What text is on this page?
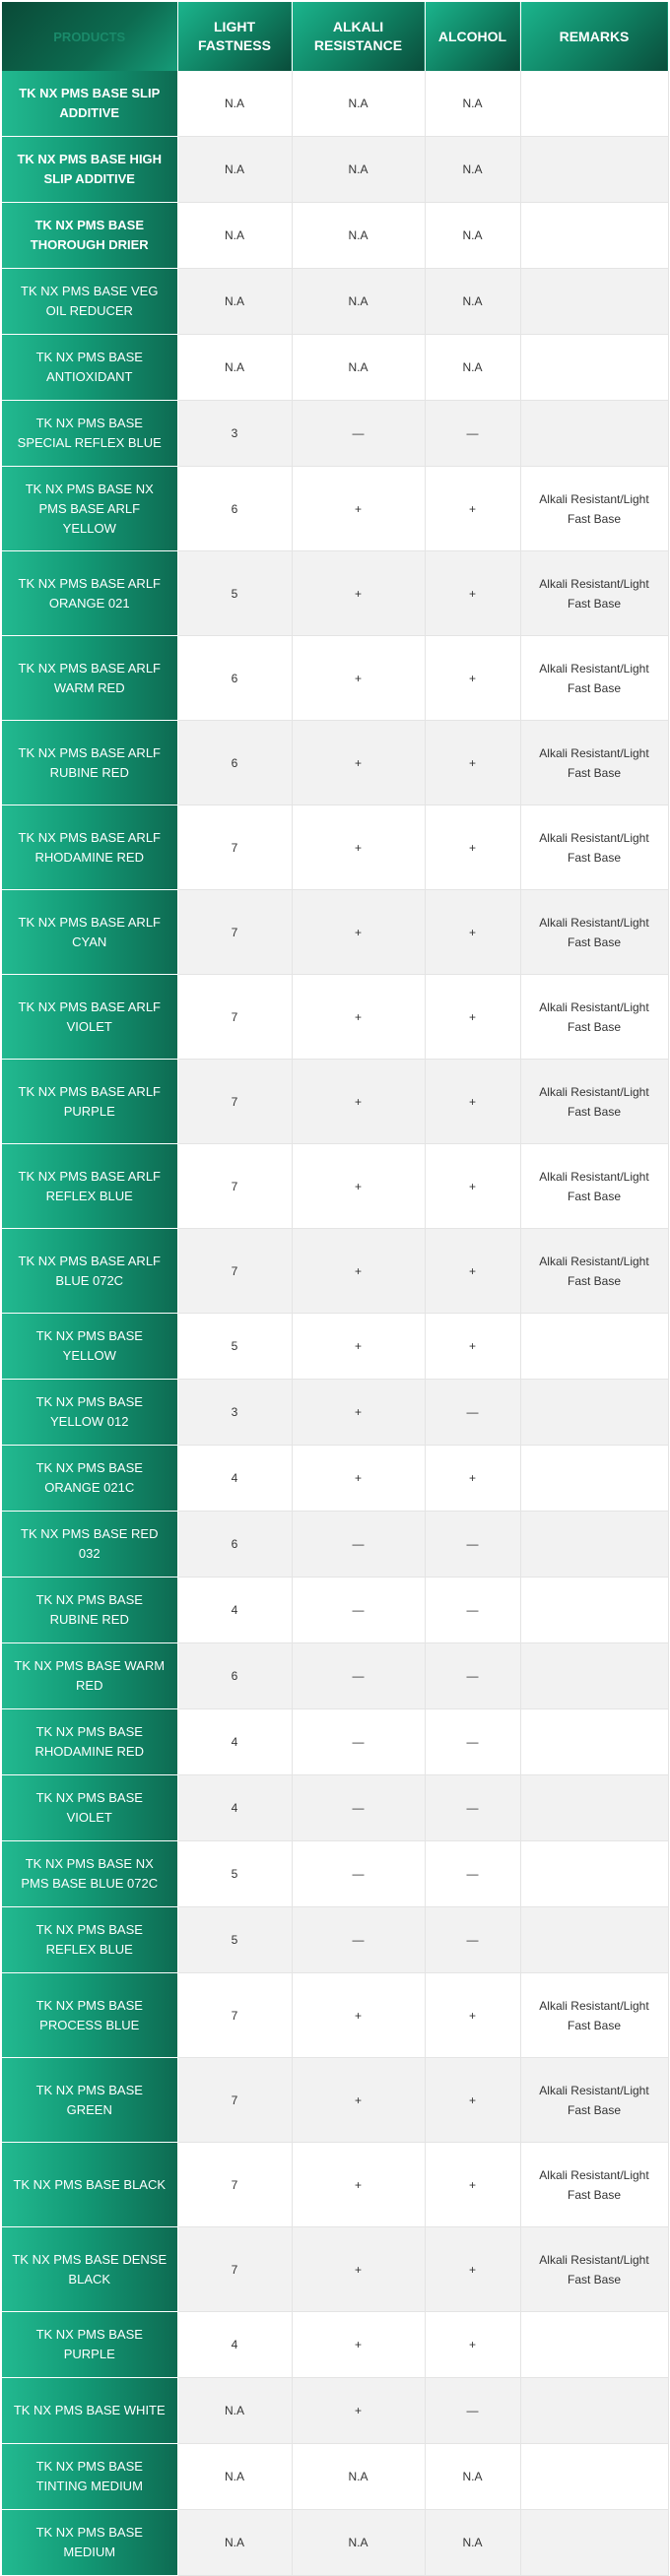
PRODUCTS	LIGHT FASTNESS	ALKALI RESISTANCE	ALCOHOL	REMARKS
TK NX PMS BASE SLIP ADDITIVE	N.A	N.A	N.A	
TK NX PMS BASE HIGH SLIP ADDITIVE	N.A	N.A	N.A	
TK NX PMS BASE THOROUGH DRIER	N.A	N.A	N.A	
TK NX PMS BASE VEG OIL REDUCER	N.A	N.A	N.A	
TK NX PMS BASE ANTIOXIDANT	N.A	N.A	N.A	
TK NX PMS BASE SPECIAL REFLEX BLUE	3	—	—	
TK NX PMS BASE NX PMS BASE ARLF YELLOW	6	+	+	Alkali Resistant/Light Fast Base
TK NX PMS BASE ARLF ORANGE 021	5	+	+	Alkali Resistant/Light Fast Base
TK NX PMS BASE ARLF WARM RED	6	+	+	Alkali Resistant/Light Fast Base
TK NX PMS BASE ARLF RUBINE RED	6	+	+	Alkali Resistant/Light Fast Base
TK NX PMS BASE ARLF RHODAMINE RED	7	+	+	Alkali Resistant/Light Fast Base
TK NX PMS BASE ARLF CYAN	7	+	+	Alkali Resistant/Light Fast Base
TK NX PMS BASE ARLF VIOLET	7	+	+	Alkali Resistant/Light Fast Base
TK NX PMS BASE ARLF PURPLE	7	+	+	Alkali Resistant/Light Fast Base
TK NX PMS BASE ARLF REFLEX BLUE	7	+	+	Alkali Resistant/Light Fast Base
TK NX PMS BASE ARLF BLUE 072C	7	+	+	Alkali Resistant/Light Fast Base
TK NX PMS BASE YELLOW	5	+	+	
TK NX PMS BASE YELLOW 012	3	+	—	
TK NX PMS BASE ORANGE 021C	4	+	+	
TK NX PMS BASE RED 032	6	—	—	
TK NX PMS BASE RUBINE RED	4	—	—	
TK NX PMS BASE WARM RED	6	—	—	
TK NX PMS BASE RHODAMINE RED	4	—	—	
TK NX PMS BASE VIOLET	4	—	—	
TK NX PMS BASE NX PMS BASE BLUE 072C	5	—	—	
TK NX PMS BASE REFLEX BLUE	5	—	—	
TK NX PMS BASE PROCESS BLUE	7	+	+	Alkali Resistant/Light Fast Base
TK NX PMS BASE GREEN	7	+	+	Alkali Resistant/Light Fast Base
TK NX PMS BASE BLACK	7	+	+	Alkali Resistant/Light Fast Base
TK NX PMS BASE DENSE BLACK	7	+	+	Alkali Resistant/Light Fast Base
TK NX PMS BASE PURPLE	4	+	+	
TK NX PMS BASE WHITE	N.A	+	—	
TK NX PMS BASE TINTING MEDIUM	N.A	N.A	N.A	
TK NX PMS BASE MEDIUM	N.A	N.A	N.A	
